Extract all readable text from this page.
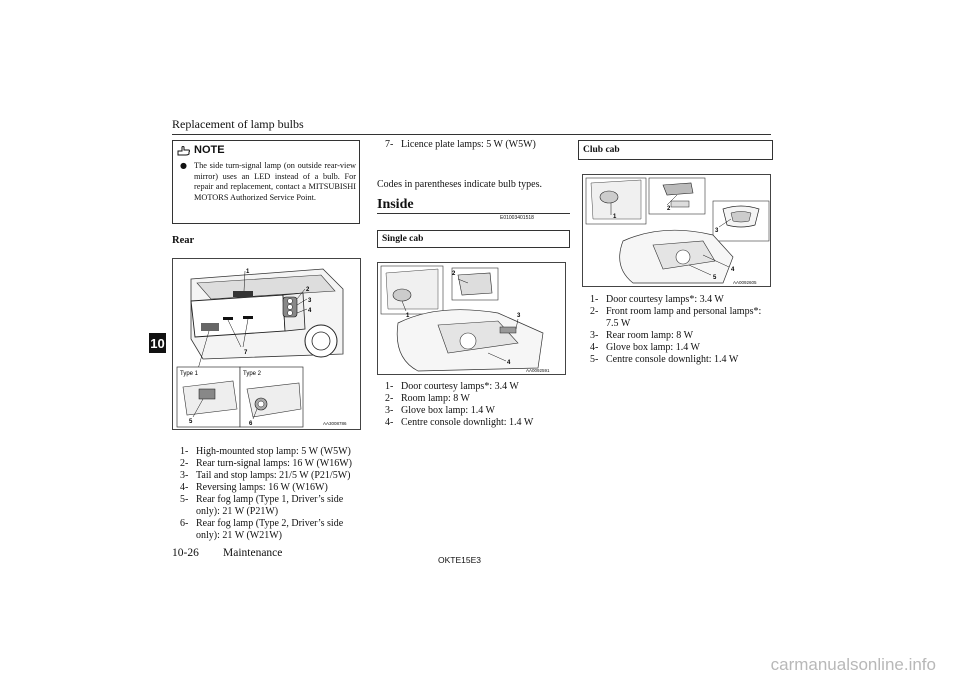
Replacement of lamp bulbs
10
NOTE
● The side turn-signal lamp (on outside rear-view mirror) uses an LED instead of a bulb. For repair and replacement, contact a MITSUBISHI MOTORS Authorized Service Point.
Rear
1
2
3
4
7
Type 1	Type 2
5	6	AA3008786
1- High-mounted stop lamp: 5 W (W5W)
2- Rear turn-signal lamps: 16 W (W16W)
3- Tail and stop lamps: 21/5 W (P21/5W)
4- Reversing lamps: 16 W (W16W)
5- Rear fog lamp (Type 1, Driver’s side only): 21 W (P21W)
6- Rear fog lamp (Type 2, Driver’s side only): 21 W (W21W)
7- Licence plate lamps: 5 W (W5W)
Codes in parentheses indicate bulb types.
Inside
E01003401518
Single cab
1
2
3
4
AA0092591
1- Door courtesy lamps*: 3.4 W
2- Room lamp: 8 W
3- Glove box lamp: 1.4 W
4- Centre console downlight: 1.4 W
Club cab
1
2
3
4
5
AA0092605
1- Door courtesy lamps*: 3.4 W
2- Front room lamp and personal lamps*: 7.5 W
3- Rear room lamp: 8 W
4- Glove box lamp: 1.4 W
5- Centre console downlight: 1.4 W
10-26 Maintenance
OKTE15E3
carmanualsonline.info
